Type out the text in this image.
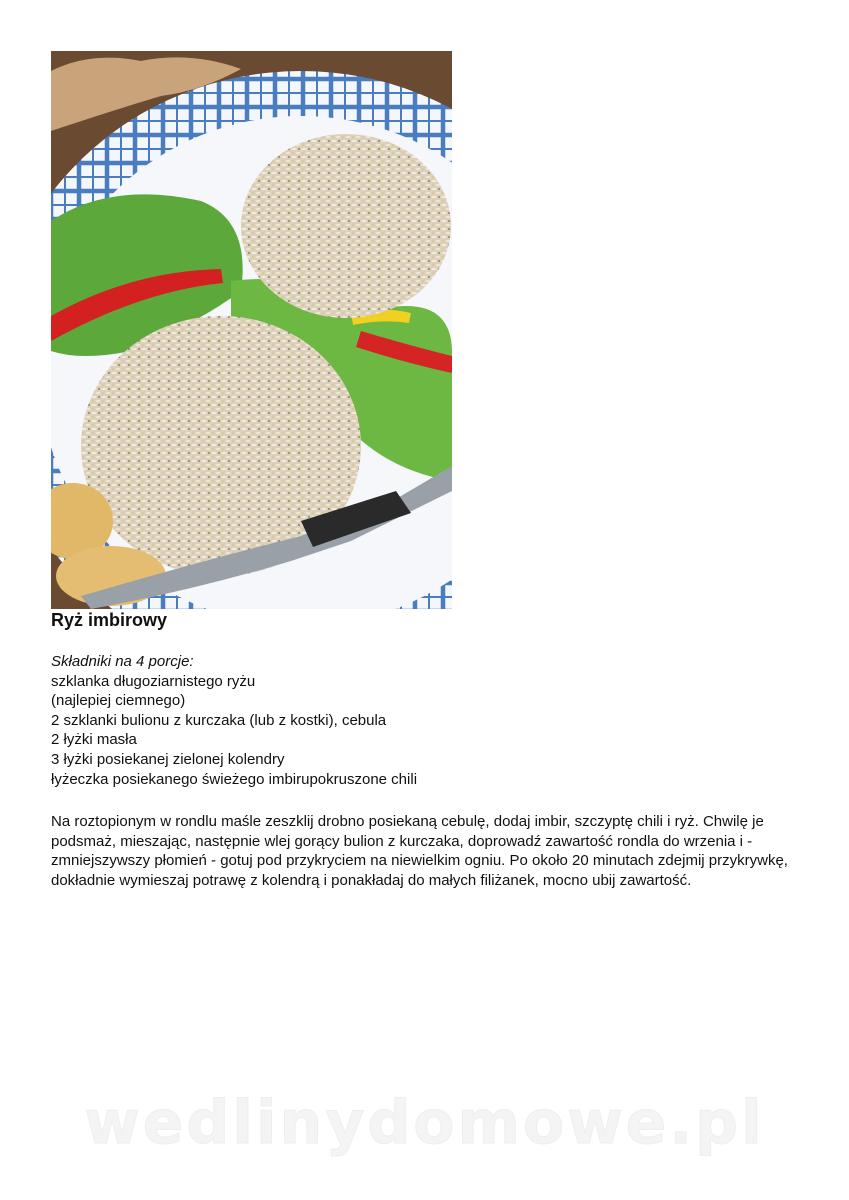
Ryż imbirowy
Składniki na 4 porcje:
szklanka długoziarnistego ryżu
(najlepiej ciemnego)
2 szklanki bulionu z kurczaka (lub z kostki), cebula
2 łyżki masła
3 łyżki posiekanej zielonej kolendry
łyżeczka posiekanego świeżego imbirupokruszone chili
Na roztopionym w rondlu maśle zeszklij drobno posiekaną cebulę, dodaj imbir, szczyptę chili i ryż. Chwilę je podsmaż, mieszając, następnie wlej gorący bulion z kurczaka, doprowadź zawartość rondla do wrzenia i - zmniejszywszy płomień - gotuj pod przykryciem na niewielkim ogniu. Po około 20 minutach zdejmij przykrywkę, dokładnie wymieszaj potrawę z kolendrą i ponakładaj do małych filiżanek, mocno ubij zawartość.
wedlinydomowe.pl
